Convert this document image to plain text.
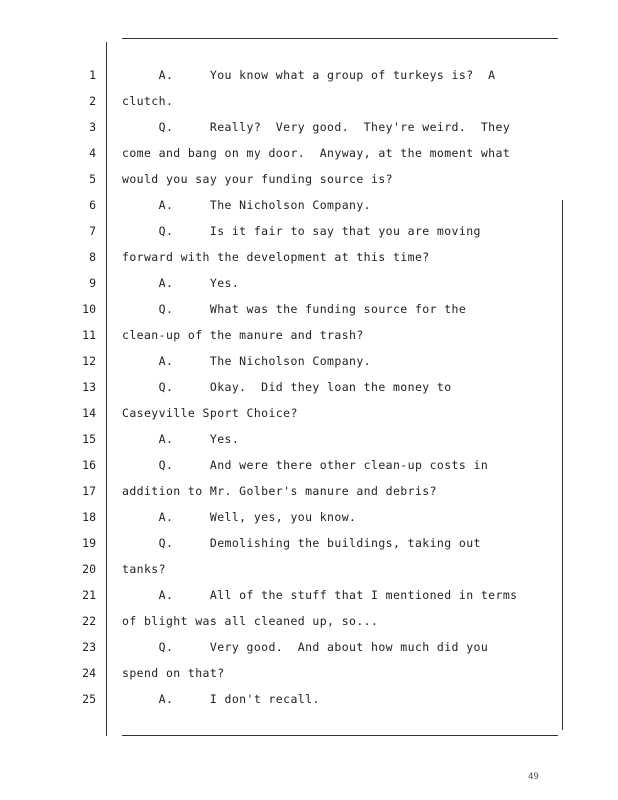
1 A.     You know what a group of turkeys is?  A
2 clutch.
3 Q.     Really?  Very good.  They're weird.  They
4 come and bang on my door.  Anyway, at the moment what
5 would you say your funding source is?
6 A.     The Nicholson Company.
7 Q.     Is it fair to say that you are moving
8 forward with the development at this time?
9 A.     Yes.
10 Q.     What was the funding source for the
11 clean-up of the manure and trash?
12 A.     The Nicholson Company.
13 Q.     Okay.  Did they loan the money to
14 Caseyville Sport Choice?
15 A.     Yes.
16 Q.     And were there other clean-up costs in
17 addition to Mr. Golber's manure and debris?
18 A.     Well, yes, you know.
19 Q.     Demolishing the buildings, taking out
20 tanks?
21 A.     All of the stuff that I mentioned in terms
22 of blight was all cleaned up, so...
23 Q.     Very good.  And about how much did you
24 spend on that?
25 A.     I don't recall.
49
